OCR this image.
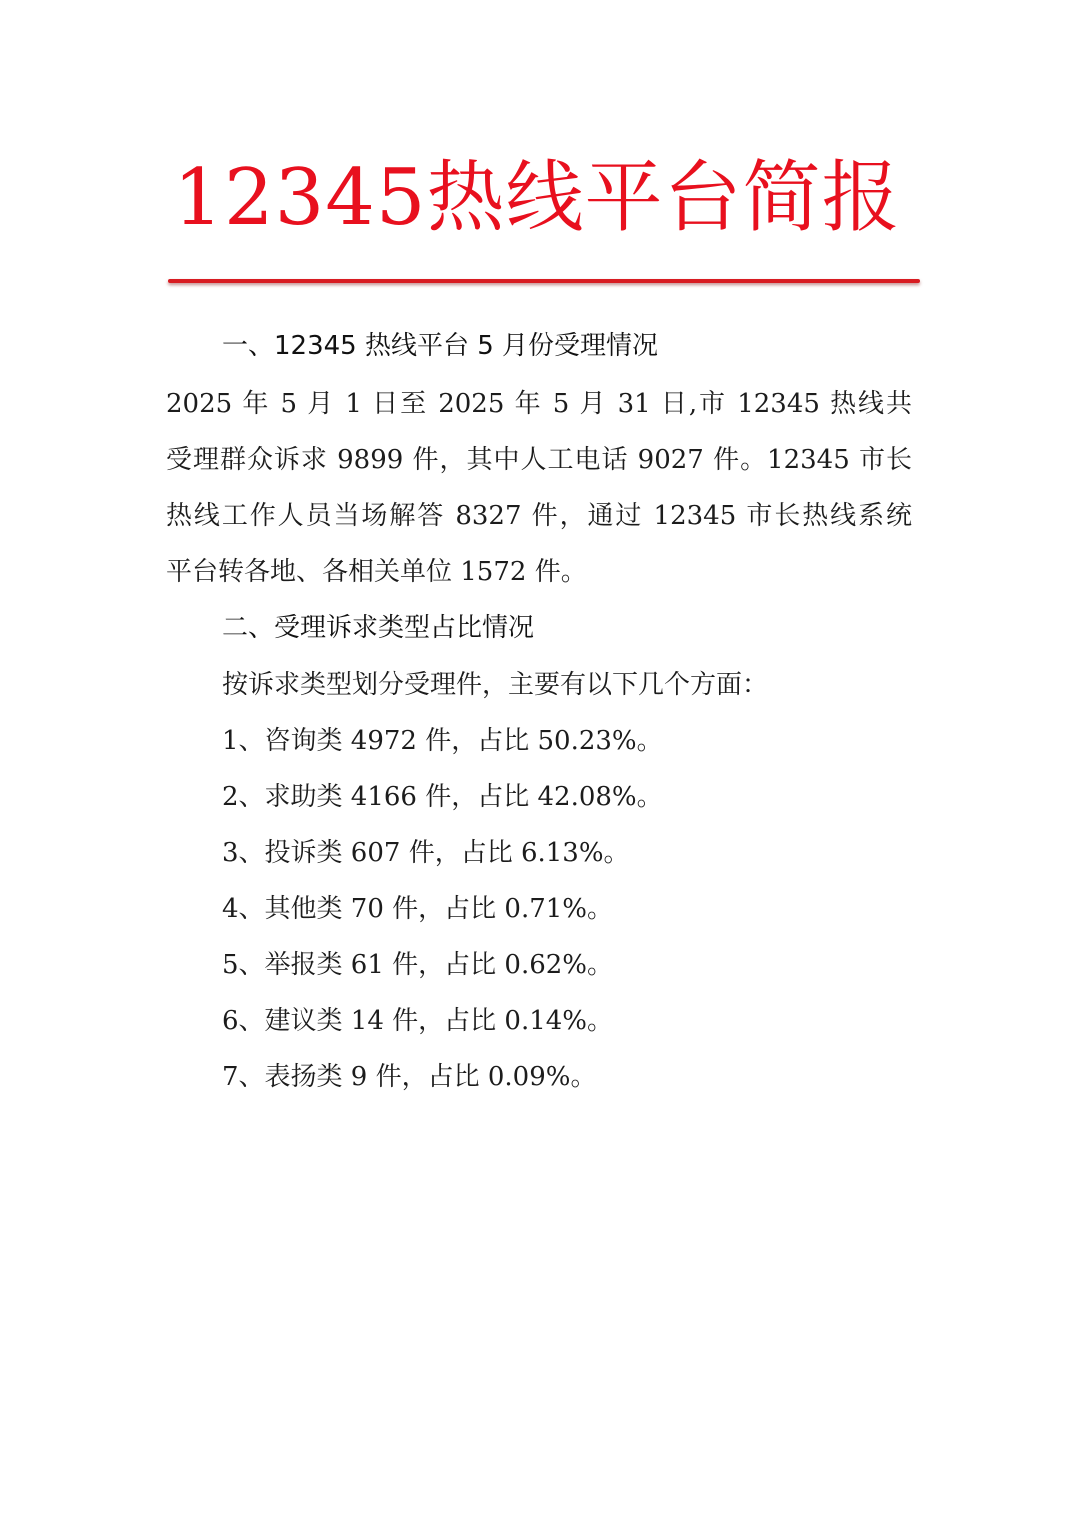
12345热线平台简报
一、12345 热线平台 5 月份受理情况
2025 年 5 月 1 日至 2025 年 5 月 31 日,市 12345 热线共
受理群众诉求 9899 件，其中人工电话 9027 件。12345 市长
热线工作人员当场解答 8327 件，通过 12345 市长热线系统
平台转各地、各相关单位 1572 件。
二、受理诉求类型占比情况
按诉求类型划分受理件，主要有以下几个方面：
1、咨询类 4972 件，占比 50.23%。
2、求助类 4166 件，占比 42.08%。
3、投诉类 607 件，占比 6.13%。
4、其他类 70 件，占比 0.71%。
5、举报类 61 件，占比 0.62%。
6、建议类 14 件，占比 0.14%。
7、表扬类 9 件，占比 0.09%。
